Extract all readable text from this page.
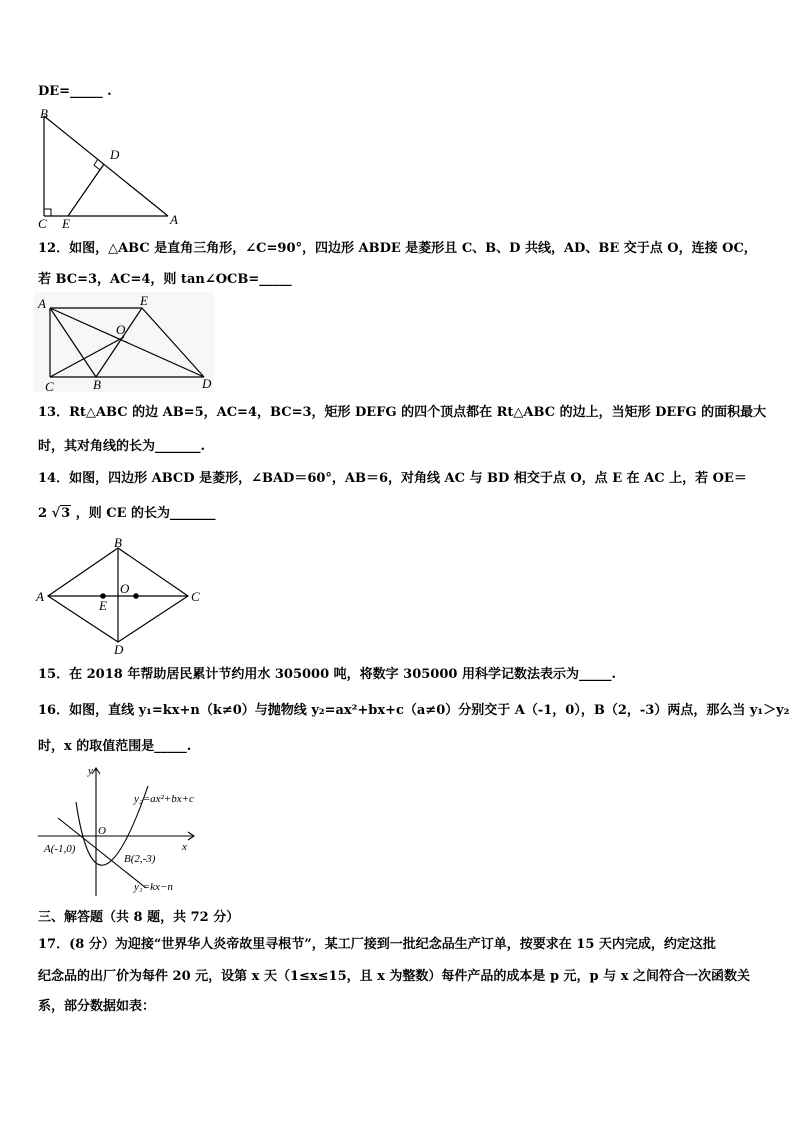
DE=_____ .
B
D
C E	A
12．如图，△ABC 是直角三角形，∠C=90°，四边形 ABDE 是菱形且 C、B、D 共线，AD、BE 交于点 O，连接 OC，
若 BC=3，AC=4，则 tan∠OCB=_____
A	E
O
C	B	D
13．Rt△ABC 的边 AB=5，AC=4，BC=3，矩形 DEFG 的四个顶点都在 Rt△ABC 的边上，当矩形 DEFG 的面积最大
时，其对角线的长为_______.
14．如图，四边形 ABCD 是菱形，∠BAD＝60°，AB＝6，对角线 AC 与 BD 相交于点 O，点 E 在 AC 上，若 OE＝
2 √3 ，则 CE 的长为_______
A
B
C
D
O
E
15．在 2018 年帮助居民累计节约用水 305000 吨，将数字 305000 用科学记数法表示为_____.
16．如图，直线 y₁=kx+n（k≠0）与抛物线 y₂=ax²+bx+c（a≠0）分别交于 A（-1，0），B（2，-3）两点，那么当 y₁＞y₂
时，x 的取值范围是_____.
y
x
O
A(-1,0)
B(2,-3)
y₂=ax²+bx+c
y₁=kx−n
三、解答题（共 8 题，共 72 分）
17．(8 分）为迎接“世界华人炎帝故里寻根节”，某工厂接到一批纪念品生产订单，按要求在 15 天内完成，约定这批
纪念品的出厂价为每件 20 元，设第 x 天（1≤x≤15，且 x 为整数）每件产品的成本是 p 元，p 与 x 之间符合一次函数关
系，部分数据如表：
